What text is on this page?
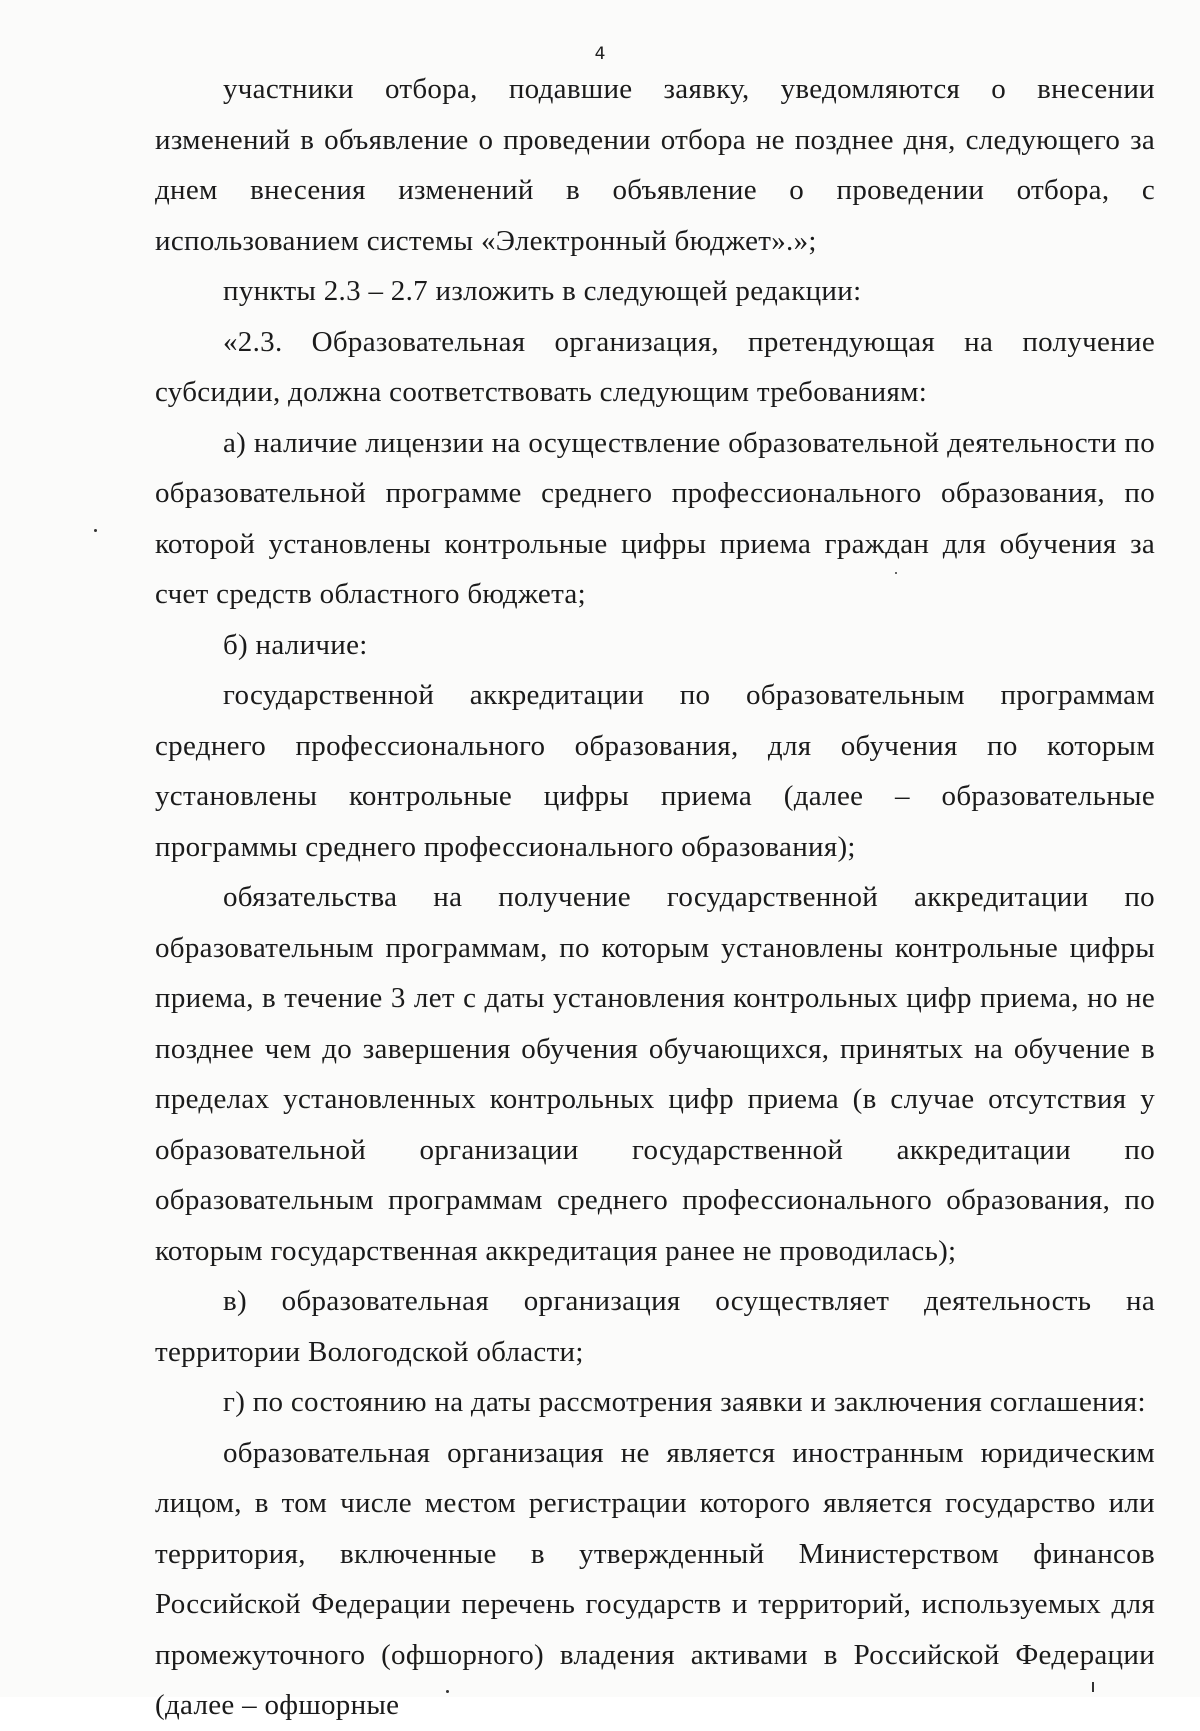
4

участники отбора, подавшие заявку, уведомляются о внесении изменений в объявление о проведении отбора не позднее дня, следующего за днем внесения изменений в объявление о проведении отбора, с использованием системы «Электронный бюджет».»;

пункты 2.3 – 2.7 изложить в следующей редакции:

«2.3. Образовательная организация, претендующая на получение субсидии, должна соответствовать следующим требованиям:

а) наличие лицензии на осуществление образовательной деятельности по образовательной программе среднего профессионального образования, по которой установлены контрольные цифры приема граждан для обучения за счет средств областного бюджета;

б) наличие:

государственной аккредитации по образовательным программам среднего профессионального образования, для обучения по которым установлены контрольные цифры приема (далее – образовательные программы среднего профессионального образования);

обязательства на получение государственной аккредитации по образовательным программам, по которым установлены контрольные цифры приема, в течение 3 лет с даты установления контрольных цифр приема, но не позднее чем до завершения обучения обучающихся, принятых на обучение в пределах установленных контрольных цифр приема (в случае отсутствия у образовательной организации государственной аккредитации по образовательным программам среднего профессионального образования, по которым государственная аккредитация ранее не проводилась);

в) образовательная организация осуществляет деятельность на территории Вологодской области;

г) по состоянию на даты рассмотрения заявки и заключения соглашения:

образовательная организация не является иностранным юридическим лицом, в том числе местом регистрации которого является государство или территория, включенные в утвержденный Министерством финансов Российской Федерации перечень государств и территорий, используемых для промежуточного (офшорного) владения активами в Российской Федерации (далее – офшорные
